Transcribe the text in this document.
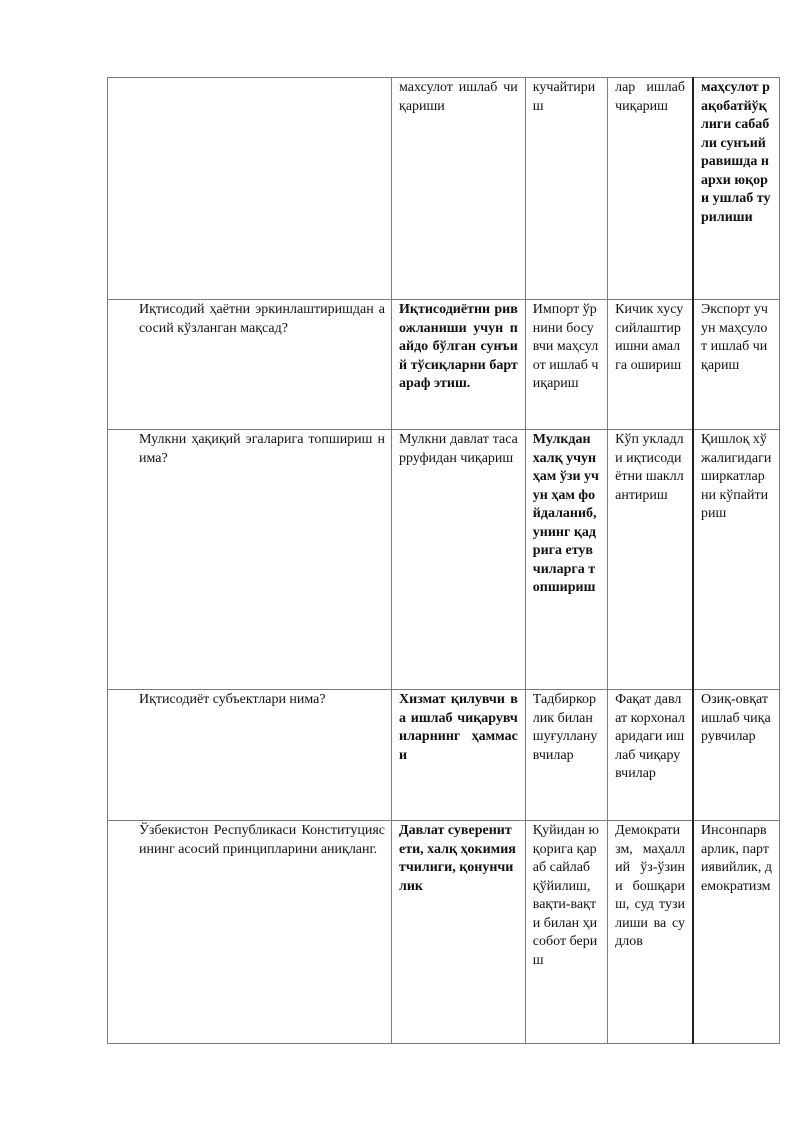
	махсулот ишлаб чиқариши	кучайтириш	лар ишлаб чиқариш	маҳсулот рақобатйўқлиги сабабли сунъий равишда нархи юқори ушлаб турилиши
Иқтисодий ҳаётни эркинлаштиришдан асосий кўзланган мақсад?	Иқтисодиётни ривожланиши учун пайдо бўлган сунъий тўсиқларни бартараф этиш.	Импорт ўрнини босувчи маҳсулот ишлаб чиқариш	Кичик хусусийлаштиришни амалга ошириш	Экспорт учун маҳсулот ишлаб чиқариш
Мулкни ҳақиқий эгаларига топшириш нима?	Мулкни давлат тасарруфидан чиқариш	Мулкдан халқ учун ҳам ўзи учун ҳам фойдаланиб, унинг қадрига етувчиларга топшириш	Кўп укладли иқтисодиётни шакллантириш	Қишлоқ хўжалигидаги ширкатларни кўпайтириш
Иқтисодиёт субъектлари нима?	Хизмат қилувчи ва ишлаб чиқарувчиларнинг ҳаммаси	Тадбиркорлик билан шуғулланувчилар	Фақат давлат корхоналаридаги ишлаб чиқарувчилар	Озиқ-овқат ишлаб чиқарувчилар
Ўзбекистон Республикаси Конституциясининг асосий принципларини аниқланг.	Давлат суверенитети, халқ ҳокимиятчилиги, қонунчилик	Қуйидан юқорига қараб сайлаб қўйилиш, вақти-вақти билан ҳисобот бериш	Демократизм, маҳаллий ўз-ўзини бошқариш, суд тузилиши ва судлов	Инсонпарварлик, партиявийлик, демократизм
